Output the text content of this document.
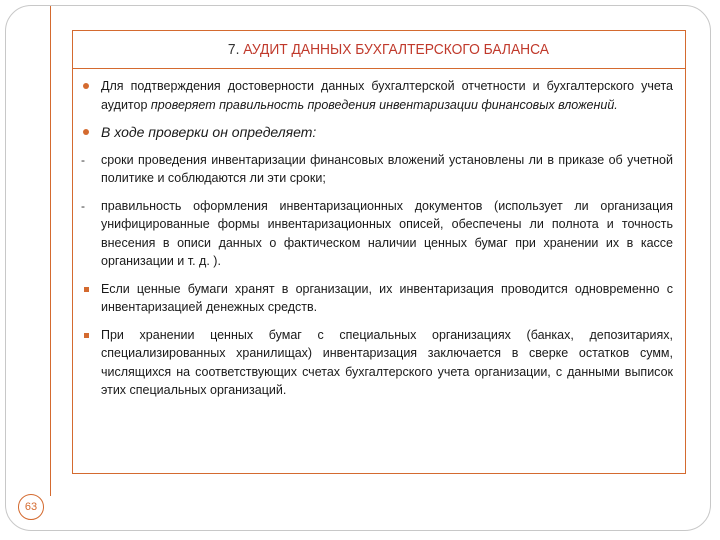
7. АУДИТ ДАННЫХ БУХГАЛТЕРСКОГО БАЛАНСА
Для подтверждения достоверности данных бухгалтерской отчетности и бухгалтерского учета аудитор проверяет правильность проведения инвентаризации финансовых вложений.
В ходе проверки он определяет:
-	сроки проведения инвентаризации финансовых вложений установлены ли в приказе об учетной политике и соблюдаются ли эти сроки;
-	правильность оформления инвентаризационных документов (использует ли организация унифицированные формы инвентаризационных описей, обеспечены ли полнота и точность внесения в описи данных о фактическом наличии ценных бумаг при хранении их в кассе организации и т. д. ).
Если ценные бумаги хранят в организации, их инвентаризация проводится одновременно с инвентаризацией денежных средств.
При хранении ценных бумаг с специальных организациях (банках, депозитариях, специализированных хранилищах) инвентаризация заключается в сверке остатков сумм, числящихся на соответствующих счетах бухгалтерского учета организации, с данными выписок этих специальных организаций.
63
